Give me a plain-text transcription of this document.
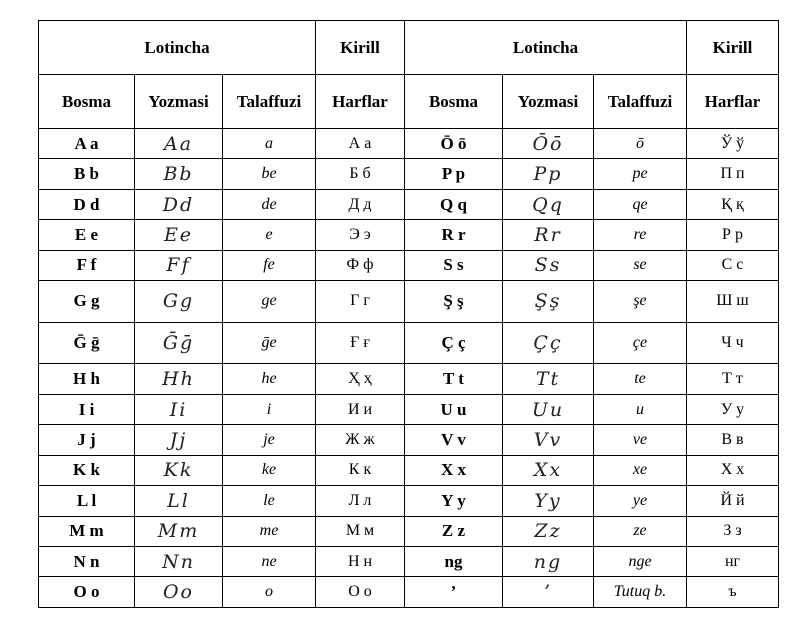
Lotincha			Kirill	Lotincha			Kirill
Bosma	Yozmasi	Talaffuzi	Harflar	Bosma	Yozmasi	Talaffuzi	Harflar
A a	Aa	a	А а	Ō ō	Ōō	ō	Ў ў
B b	Bb	be	Б б	P p	Pp	pe	П п
D d	Dd	de	Д д	Q q	Qq	qe	Қ қ
E e	Ee	e	Э э	R r	Rr	re	Р р
F f	Ff	fe	Ф ф	S s	Ss	se	С с
G g	Gg	ge	Г г	Ş ş	Şş	şe	Ш ш
Ḡ ḡ	Ḡḡ	ḡe	Ғ ғ	Ç ç	Çç	çe	Ч ч
H h	Hh	he	Ҳ ҳ	T t	Tt	te	Т т
I i	Ii	i	И и	U u	Uu	u	У у
J j	Jj	je	Ж ж	V v	Vv	ve	В в
K k	Kk	ke	К к	X x	Xx	xe	Х х
L l	Ll	le	Л л	Y y	Yy	ye	Й й
M m	Mm	me	М м	Z z	Zz	ze	З з
N n	Nn	ne	Н н	ng	ng	nge	нг
O o	Oo	o	О о	’	’	Tutuq b.	ъ
